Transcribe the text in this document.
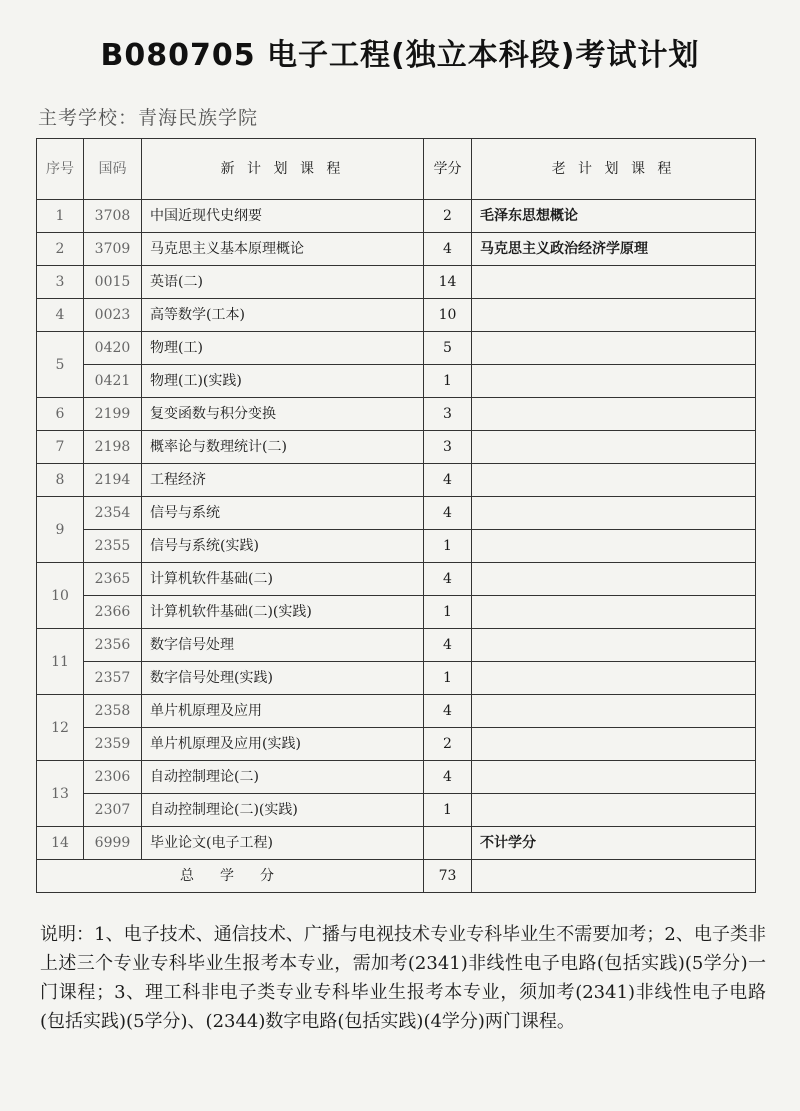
B080705 电子工程(独立本科段)考试计划
主考学校：青海民族学院
序号	国码	新 计 划 课 程	学分	老 计 划 课 程
1	3708	中国近现代史纲要	2	毛泽东思想概论
2	3709	马克思主义基本原理概论	4	马克思主义政治经济学原理
3	0015	英语(二)	14	
4	0023	高等数学(工本)	10	
5	0420	物理(工)	5	
	0421	物理(工)(实践)	1	
6	2199	复变函数与积分变换	3	
7	2198	概率论与数理统计(二)	3	
8	2194	工程经济	4	
9	2354	信号与系统	4	
	2355	信号与系统(实践)	1	
10	2365	计算机软件基础(二)	4	
	2366	计算机软件基础(二)(实践)	1	
11	2356	数字信号处理	4	
	2357	数字信号处理(实践)	1	
12	2358	单片机原理及应用	4	
	2359	单片机原理及应用(实践)	2	
13	2306	自动控制理论(二)	4	
	2307	自动控制理论(二)(实践)	1	
14	6999	毕业论文(电子工程)		不计学分
总　学　分			73	
说明：1、电子技术、通信技术、广播与电视技术专业专科毕业生不需要加考；2、电子类非上述三个专业专科毕业生报考本专业，需加考(2341)非线性电子电路(包括实践)(5学分)一门课程；3、理工科非电子类专业专科毕业生报考本专业，须加考(2341)非线性电子电路(包括实践)(5学分)、(2344)数字电路(包括实践)(4学分)两门课程。
